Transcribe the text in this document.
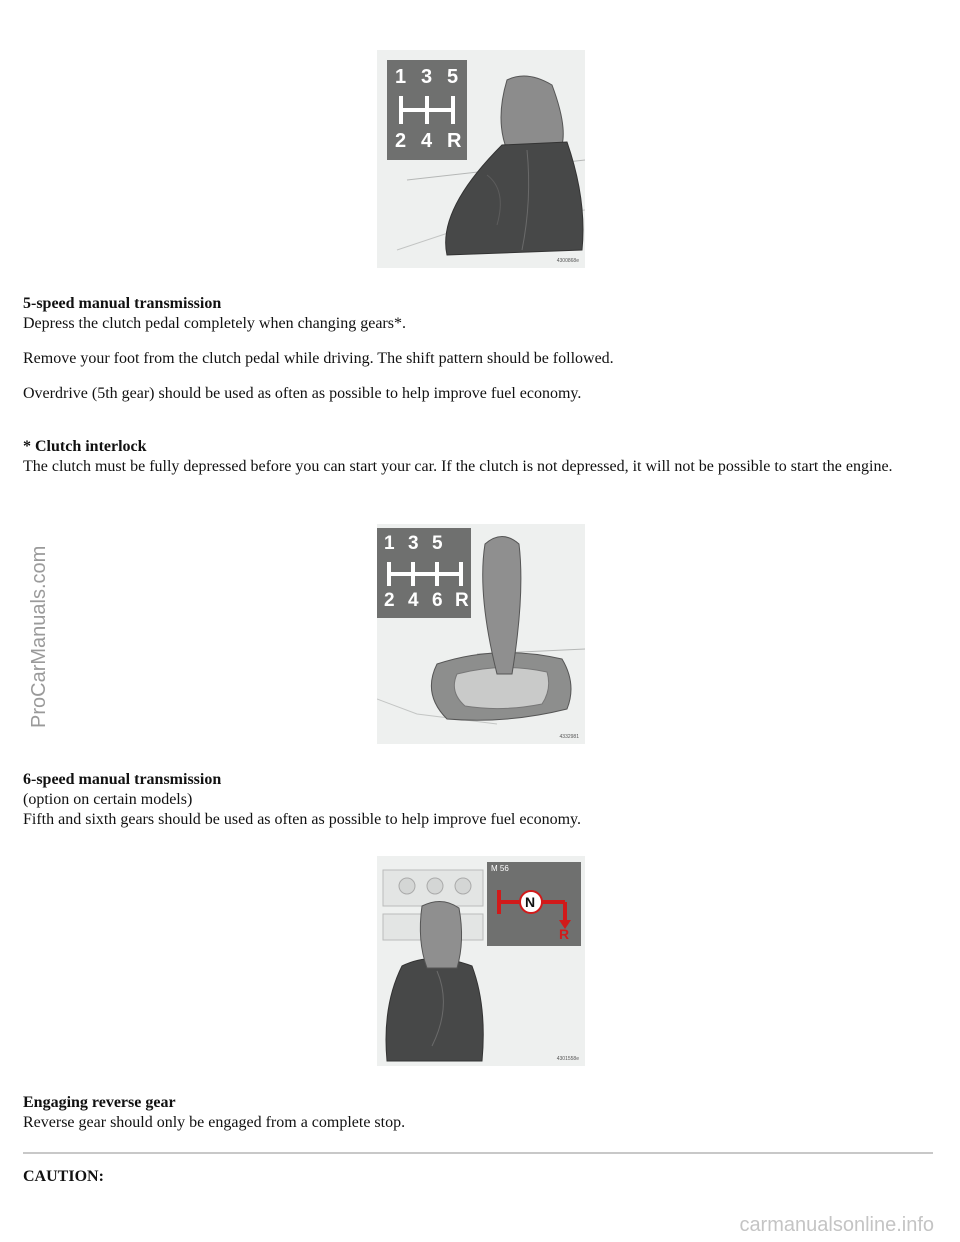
1 3 5
2 4 R
4300868e

5-speed manual transmission

Depress the clutch pedal completely when changing gears*.

Remove your foot from the clutch pedal while driving. The shift pattern should be followed.

Overdrive (5th gear) should be used as often as possible to help improve fuel economy.

* Clutch interlock

The clutch must be fully depressed before you can start your car. If the clutch is not depressed, it will not be possible to start the engine.

1 3 5
2 4 6 R
4332981

6-speed manual transmission

(option on certain models)

Fifth and sixth gears should be used as often as possible to help improve fuel economy.

M 56
N
R
4301558e

Engaging reverse gear

Reverse gear should only be engaged from a complete stop.

CAUTION:

ProCarManuals.com
carmanualsonline.info
